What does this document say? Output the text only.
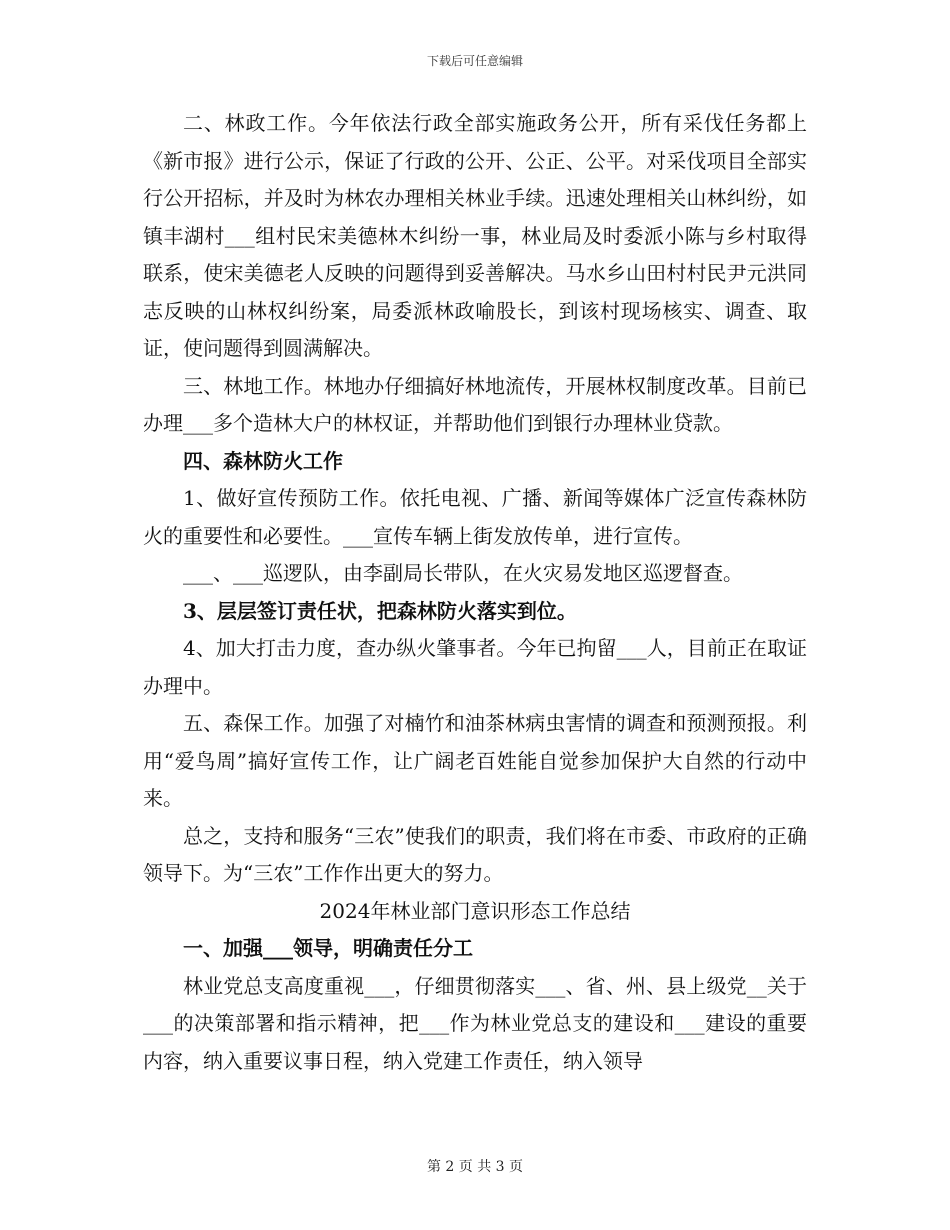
下载后可任意编辑

二、林政工作。今年依法行政全部实施政务公开，所有采伐任务都上《新市报》进行公示，保证了行政的公开、公正、公平。对采伐项目全部实行公开招标，并及时为林农办理相关林业手续。迅速处理相关山林纠纷，如镇丰湖村___组村民宋美德林木纠纷一事，林业局及时委派小陈与乡村取得联系，使宋美德老人反映的问题得到妥善解决。马水乡山田村村民尹元洪同志反映的山林权纠纷案，局委派林政喻股长，到该村现场核实、调查、取证，使问题得到圆满解决。

三、林地工作。林地办仔细搞好林地流传，开展林权制度改革。目前已办理___多个造林大户的林权证，并帮助他们到银行办理林业贷款。

四、森林防火工作

1、做好宣传预防工作。依托电视、广播、新闻等媒体广泛宣传森林防火的重要性和必要性。___宣传车辆上街发放传单，进行宣传。

___、___巡逻队，由李副局长带队，在火灾易发地区巡逻督查。

3、层层签订责任状，把森林防火落实到位。

4、加大打击力度，查办纵火肇事者。今年已拘留___人，目前正在取证办理中。

五、森保工作。加强了对楠竹和油茶林病虫害情的调查和预测预报。利用“爱鸟周”搞好宣传工作，让广阔老百姓能自觉参加保护大自然的行动中来。

总之，支持和服务“三农”使我们的职责，我们将在市委、市政府的正确领导下。为“三农”工作作出更大的努力。

2024年林业部门意识形态工作总结

一、加强___领导，明确责任分工

林业党总支高度重视___，仔细贯彻落实___、省、州、县上级党__关于___的决策部署和指示精神，把___作为林业党总支的建设和___建设的重要内容，纳入重要议事日程，纳入党建工作责任，纳入领导

第 2 页 共 3 页
